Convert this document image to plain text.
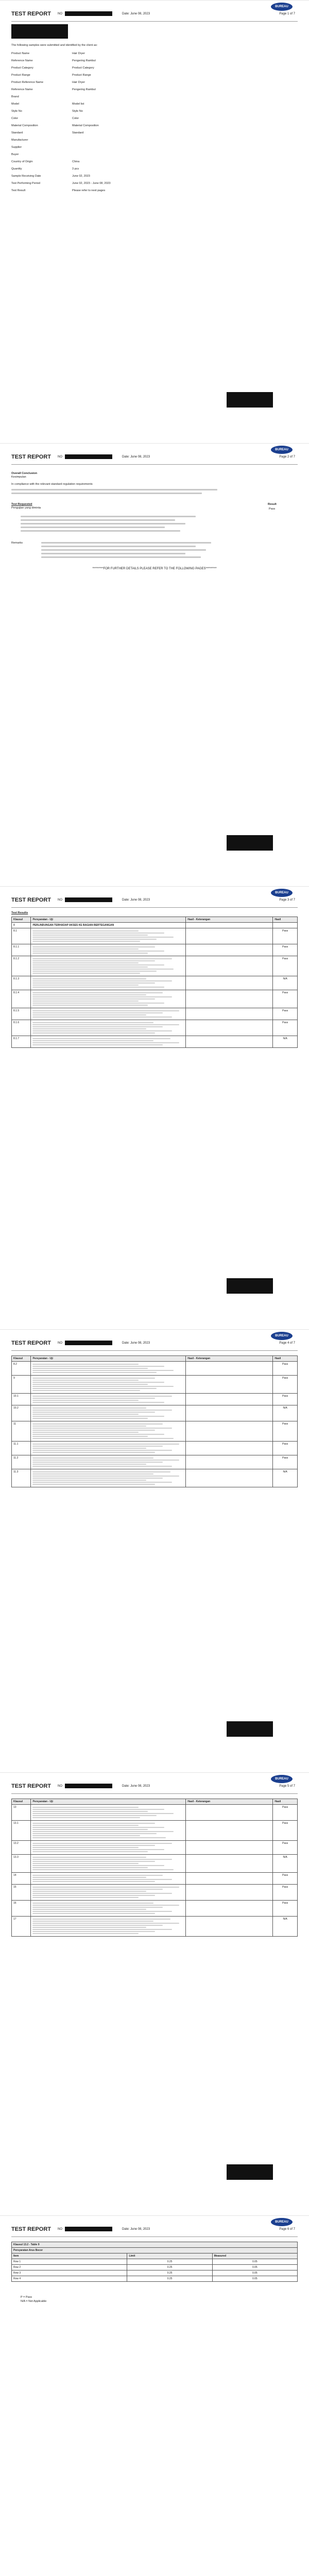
TEST REPORT NO	Date: June 08, 2023
BUREAU
Page 1 of 7
The following samples were submitted and identified by the client as:
Product Name	Hair Dryer
Reference Name	Pengering Rambut
Product Category	Product Category
Product Range	Product Range
Product Reference Name	Hair Dryer
Reference Name	Pengering Rambut
Brand
Model	Model list
Style No	Style No
Color	Color
Material Composition	Material Composition
Standard	Standard
Manufacturer
Supplier
Buyer
Country of Origin	China
Quantity	3 pcs
Sample Receiving Date	June 02, 2023
Test Performing Period	June 02, 2023 - June 08, 2023
Test Result	Please refer to next pages
TEST REPORT NO	Date: June 08, 2023
BUREAU
Page 2 of 7
Overall Conclusion
Kesimpulan
In compliance with the relevant standard regulation requirements
Test Requested
Pengujian yang diminta
Result
Pass
Remarks
*********FOR FURTHER DETAILS PLEASE REFER TO THE FOLLOWING PAGES*********
TEST REPORT NO	Date: June 08, 2023
BUREAU
Page 3 of 7
Test Results
Klausul	Persyaratan - Uji	Hasil - Keterangan	Hasil
8	PERLINDUNGAN TERHADAP AKSES KE BAGIAN BERTEGANGAN		
8.1			Pass
8.1.1			Pass
8.1.2			Pass
8.1.3			N/A
8.1.4			Pass
8.1.5			Pass
8.1.6			Pass
8.1.7			N/A
TEST REPORT NO	Date: June 08, 2023
BUREAU
Page 4 of 7
Klausul	Persyaratan - Uji	Hasil - Keterangan	Hasil
8.2			Pass
9			Pass
10.1			Pass
10.2			N/A
11			Pass
11.1			Pass
11.2			Pass
11.3			N/A
TEST REPORT NO	Date: June 08, 2023
BUREAU
Page 5 of 7
Klausul	Persyaratan - Uji	Hasil - Keterangan	Hasil
13			Pass
13.1			Pass
13.2			Pass
13.3			N/A
14			Pass
15			Pass
16			Pass
17			N/A
TEST REPORT NO	Date: June 08, 2023
BUREAU
Page 6 of 7
Klausul 13.2 - Table 9		
Persyaratan Arus Bocor		
Item	Limit	Measured
Row 1	0.25	0.05
Row 2	0.25	0.05
Row 3	0.25	0.05
Row 4	0.25	0.05
P = Pass
N/A = Not Applicable
